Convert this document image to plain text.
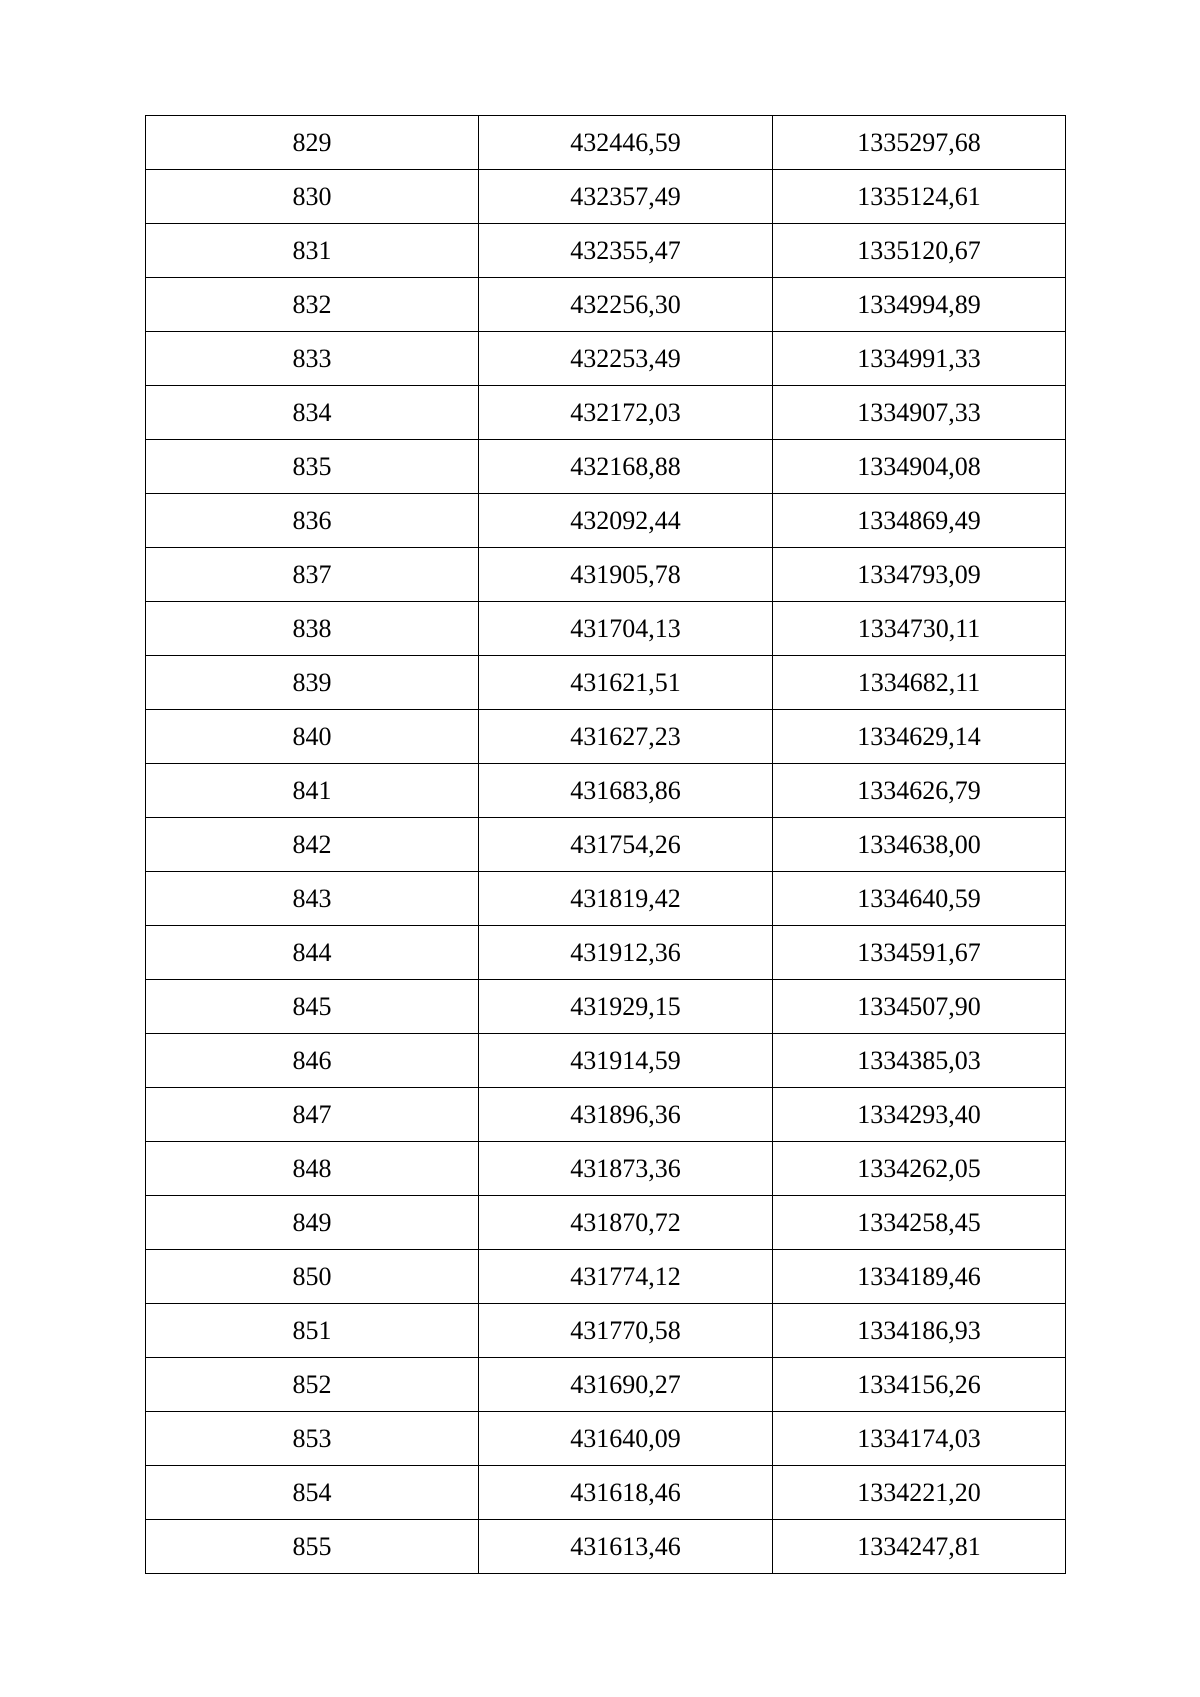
829	432446,59	1335297,68
830	432357,49	1335124,61
831	432355,47	1335120,67
832	432256,30	1334994,89
833	432253,49	1334991,33
834	432172,03	1334907,33
835	432168,88	1334904,08
836	432092,44	1334869,49
837	431905,78	1334793,09
838	431704,13	1334730,11
839	431621,51	1334682,11
840	431627,23	1334629,14
841	431683,86	1334626,79
842	431754,26	1334638,00
843	431819,42	1334640,59
844	431912,36	1334591,67
845	431929,15	1334507,90
846	431914,59	1334385,03
847	431896,36	1334293,40
848	431873,36	1334262,05
849	431870,72	1334258,45
850	431774,12	1334189,46
851	431770,58	1334186,93
852	431690,27	1334156,26
853	431640,09	1334174,03
854	431618,46	1334221,20
855	431613,46	1334247,81
